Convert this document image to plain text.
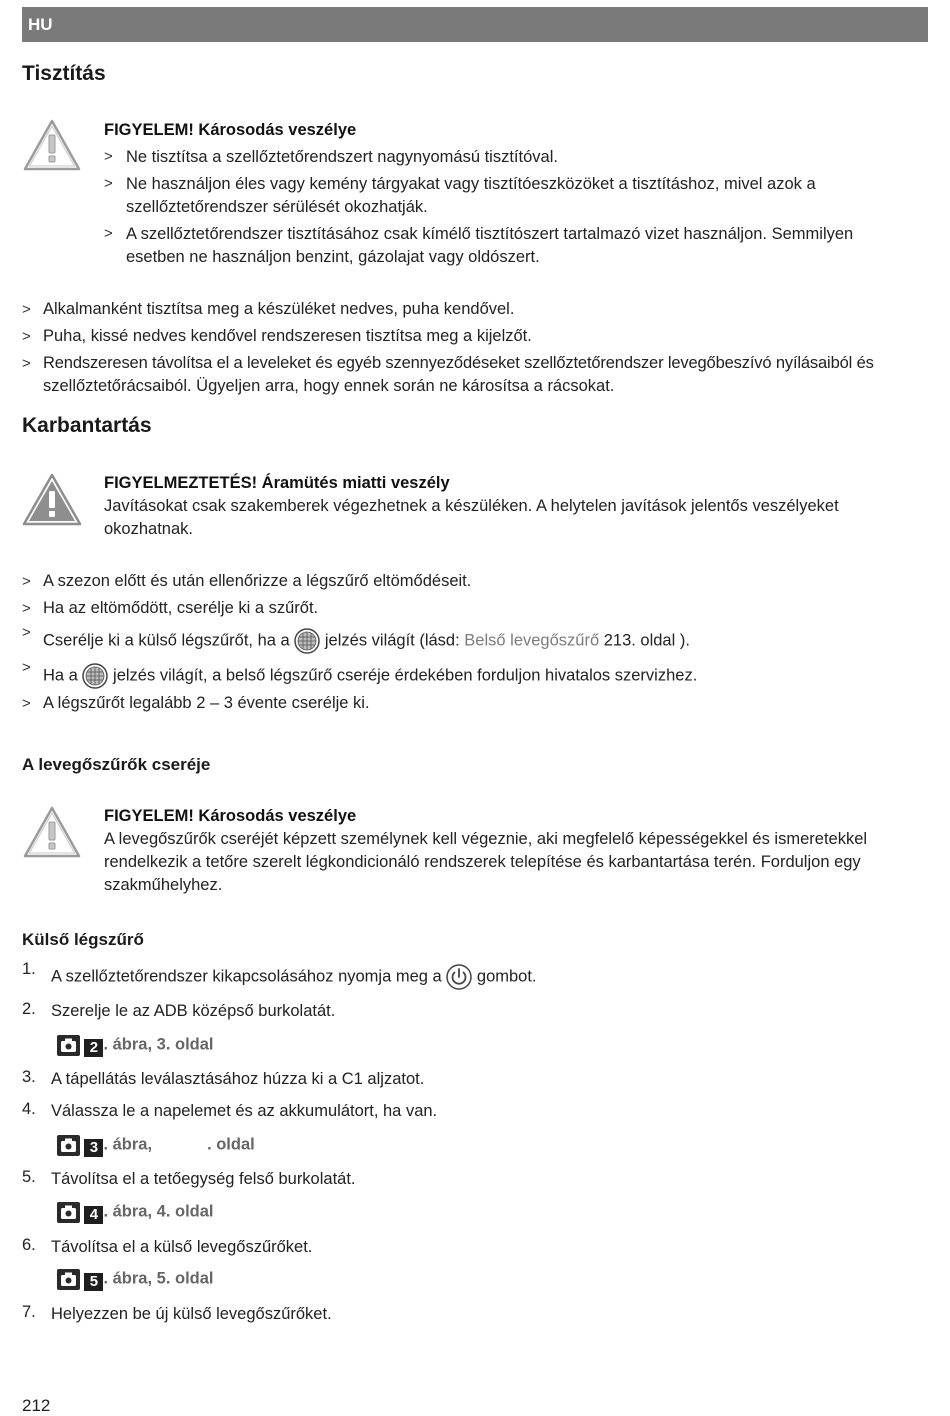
HU
Tisztítás
FIGYELEM! Károsodás veszélye
> Ne tisztítsa a szellőztetőrendszert nagynyomású tisztítóval.
> Ne használjon éles vagy kemény tárgyakat vagy tisztítóeszközöket a tisztításhoz, mivel azok a
szellőztetőrendszer sérülését okozhatják.
> A szellőztetőrendszer tisztításához csak kímélő tisztítószert tartalmazó vizet használjon. Semmilyen
esetben ne használjon benzint, gázolajat vagy oldószert.
> Alkalmanként tisztítsa meg a készüléket nedves, puha kendővel.
> Puha, kissé nedves kendővel rendszeresen tisztítsa meg a kijelzőt.
> Rendszeresen távolítsa el a leveleket és egyéb szennyeződéseket szellőztetőrendszer levegőbeszívó nyílásaiból és
szellőztetőrácsaiból. Ügyeljen arra, hogy ennek során ne károsítsa a rácsokat.
Karbantartás
FIGYELMEZTETÉS! Áramütés miatti veszély
Javításokat csak szakemberek végezhetnek a készüléken. A helytelen javítások jelentős veszélyeket
okozhatnak.
> A szezon előtt és után ellenőrizze a légszűrő eltömődéseit.
> Ha az eltömődött, cserélje ki a szűrőt.
> Cserélje ki a külső légszűrőt, ha a jelzés világít (lásd: Belső levegőszűrő 213. oldal ).
> Ha a jelzés világít, a belső légszűrő cseréje érdekében forduljon hivatalos szervizhez.
> A légszűrőt legalább 2 – 3 évente cserélje ki.
A levegőszűrők cseréje
FIGYELEM! Károsodás veszélye
A levegőszűrők cseréjét képzett személynek kell végeznie, aki megfelelő képességekkel és ismeretekkel
rendelkezik a tetőre szerelt légkondicionáló rendszerek telepítése és karbantartása terén. Forduljon egy
szakműhelyhez.
Külső légszűrő
1. A szellőztetőrendszer kikapcsolásához nyomja meg a gombot.
2. Szerelje le az ADB középső burkolatát.
2 . ábra, 3. oldal
3. A tápellátás leválasztásához húzza ki a C1 aljzatot.
4. Válassza le a napelemet és az akkumulátort, ha van.
3 . ábra,	. oldal
5. Távolítsa el a tetőegység felső burkolatát.
4 . ábra, 4. oldal
6. Távolítsa el a külső levegőszűrőket.
5 . ábra, 5. oldal
7. Helyezzen be új külső levegőszűrőket.
212
